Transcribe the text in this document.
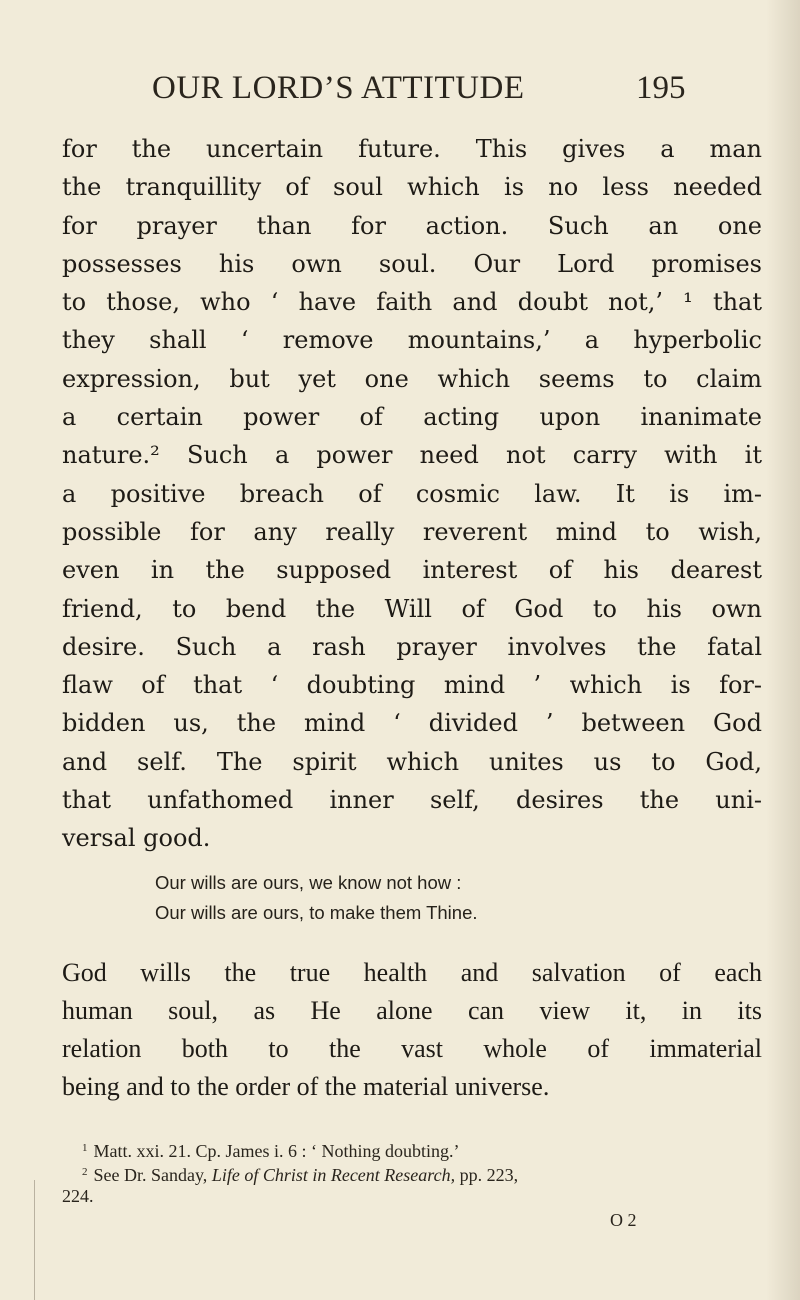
OUR LORD’S ATTITUDE	195
for the uncertain future. This gives a man
the tranquillity of soul which is no less needed
for prayer than for action. Such an one
possesses his own soul. Our Lord promises
to those, who ‘ have faith and doubt not,’ ¹ that
they shall ‘ remove mountains,’ a hyperbolic
expression, but yet one which seems to claim
a certain power of acting upon inanimate
nature.² Such a power need not carry with it
a positive breach of cosmic law. It is im-
possible for any really reverent mind to wish,
even in the supposed interest of his dearest
friend, to bend the Will of God to his own
desire. Such a rash prayer involves the fatal
flaw of that ‘ doubting mind ’ which is for-
bidden us, the mind ‘ divided ’ between God
and self. The spirit which unites us to God,
that unfathomed inner self, desires the uni-
versal good.
Our wills are ours, we know not how :
Our wills are ours, to make them Thine.
God wills the true health and salvation of each
human soul, as He alone can view it, in its
relation both to the vast whole of immaterial
being and to the order of the material universe.
$^1$ Matt. xxi. 21. Cp. James i. 6 : ‘ Nothing doubting.’
$^2$ See Dr. Sanday, Life of Christ in Recent Research, pp. 223,
224.
O 2
